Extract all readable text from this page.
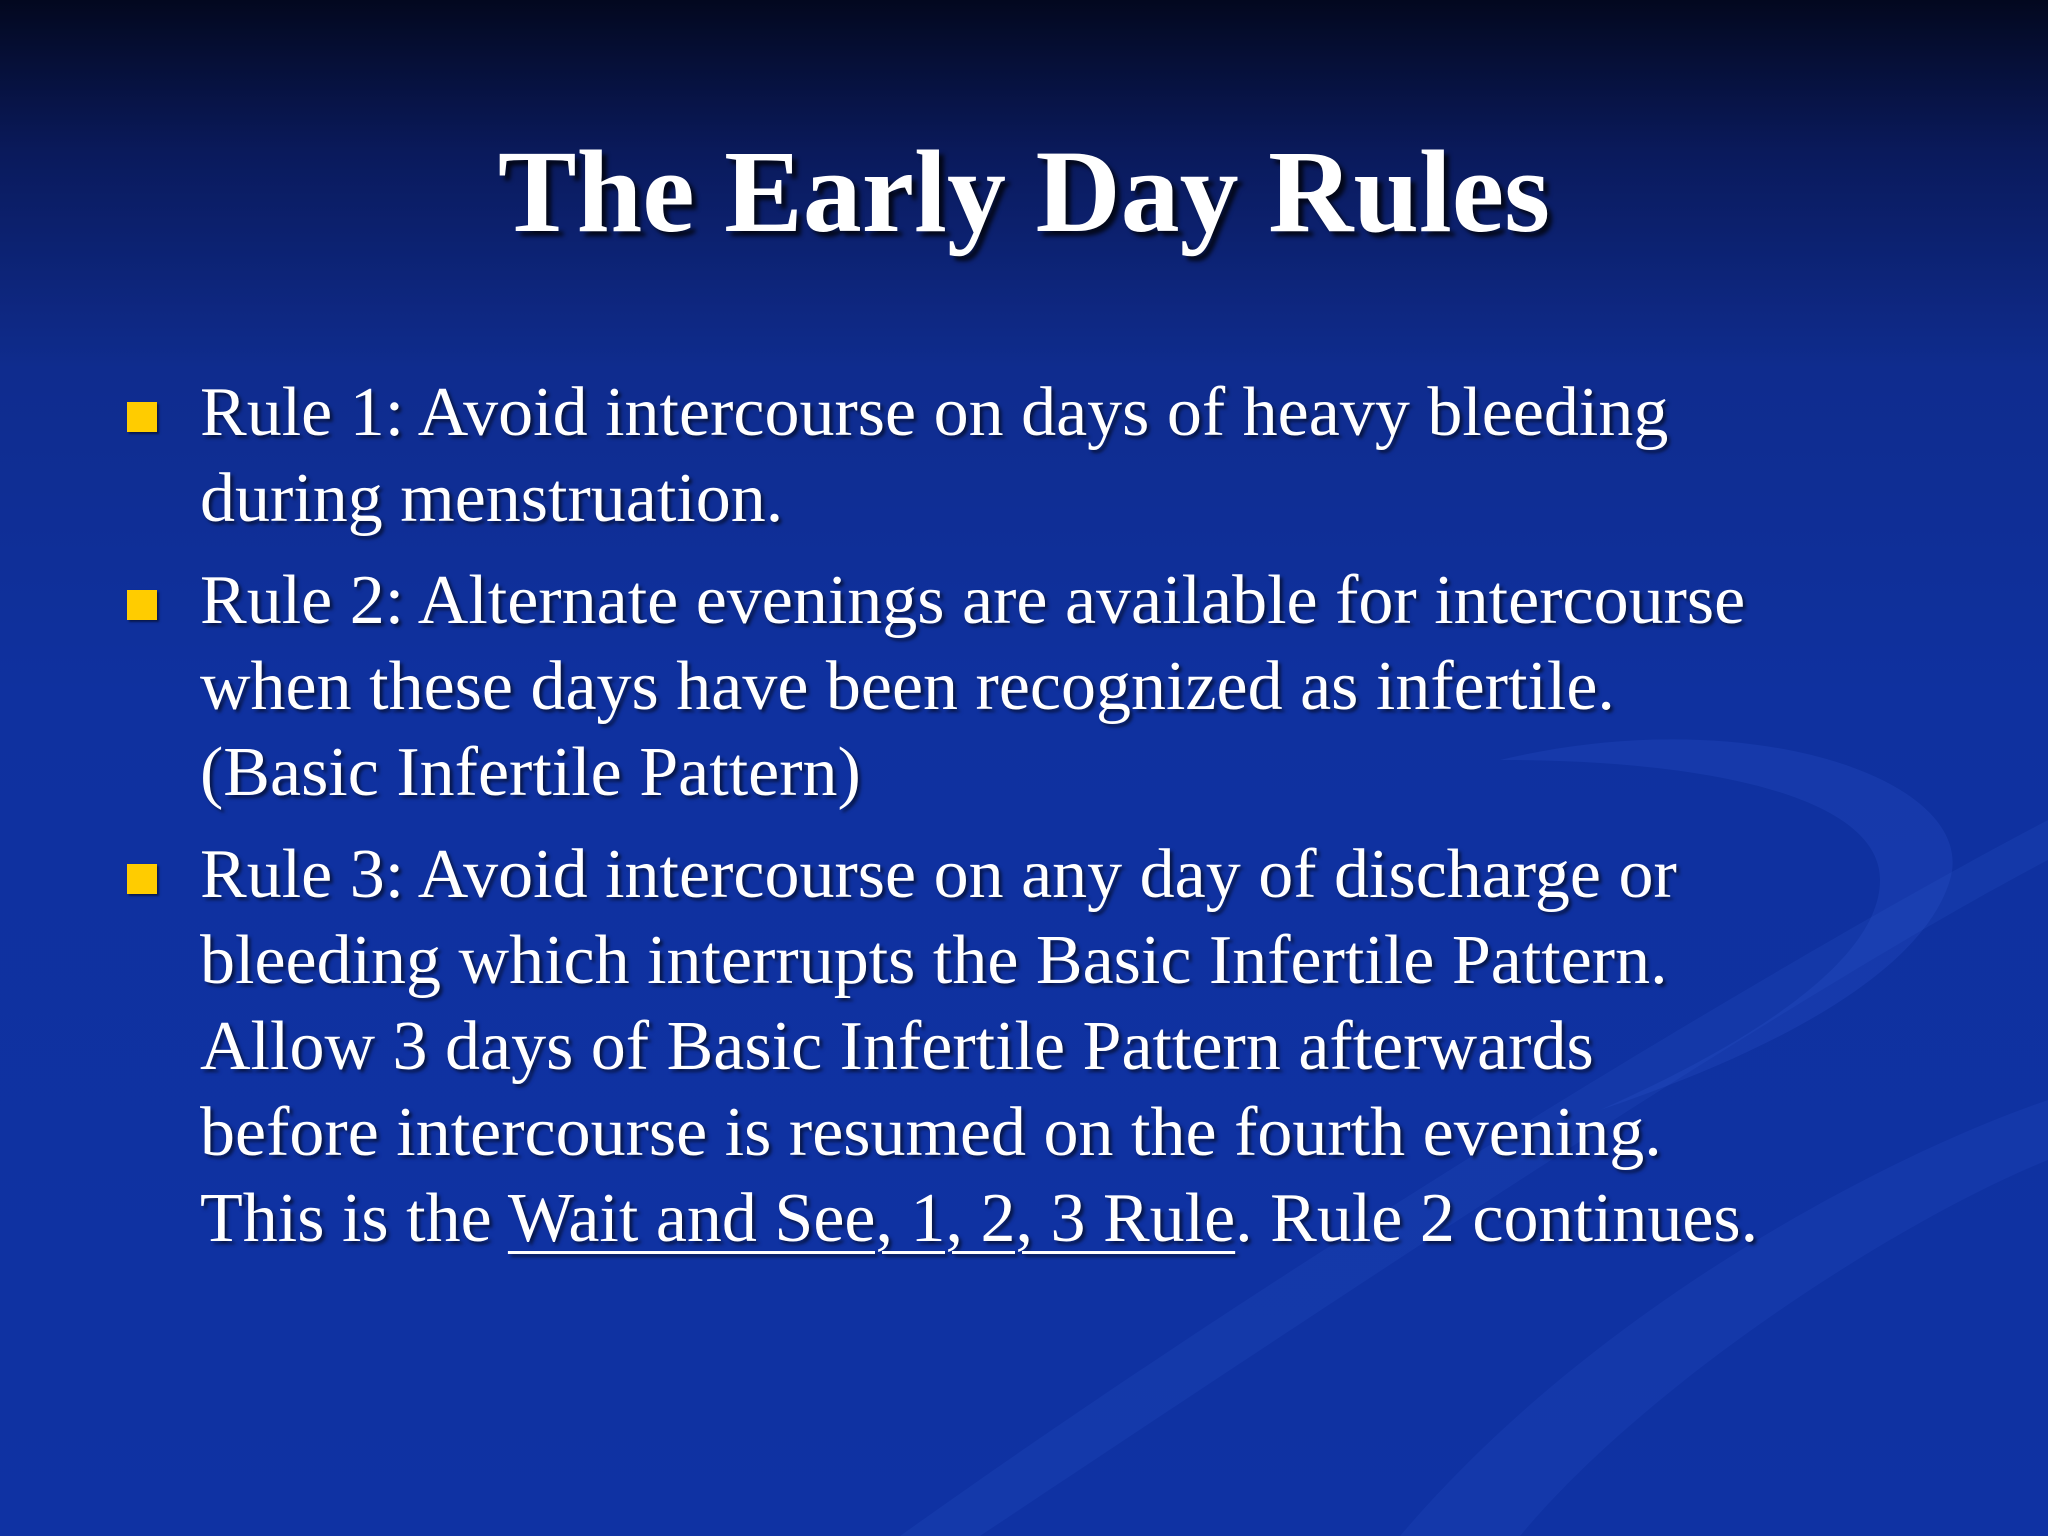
The Early Day Rules
Rule 1: Avoid intercourse on days of heavy bleeding
during menstruation.
Rule 2: Alternate evenings are available for intercourse
when these days have been recognized as infertile.
(Basic Infertile Pattern)
Rule 3: Avoid intercourse on any day of discharge or
bleeding which interrupts the Basic Infertile Pattern.
Allow 3 days of Basic Infertile Pattern afterwards
before intercourse is resumed on the fourth evening.
This is the Wait and See, 1, 2, 3 Rule. Rule 2 continues.
